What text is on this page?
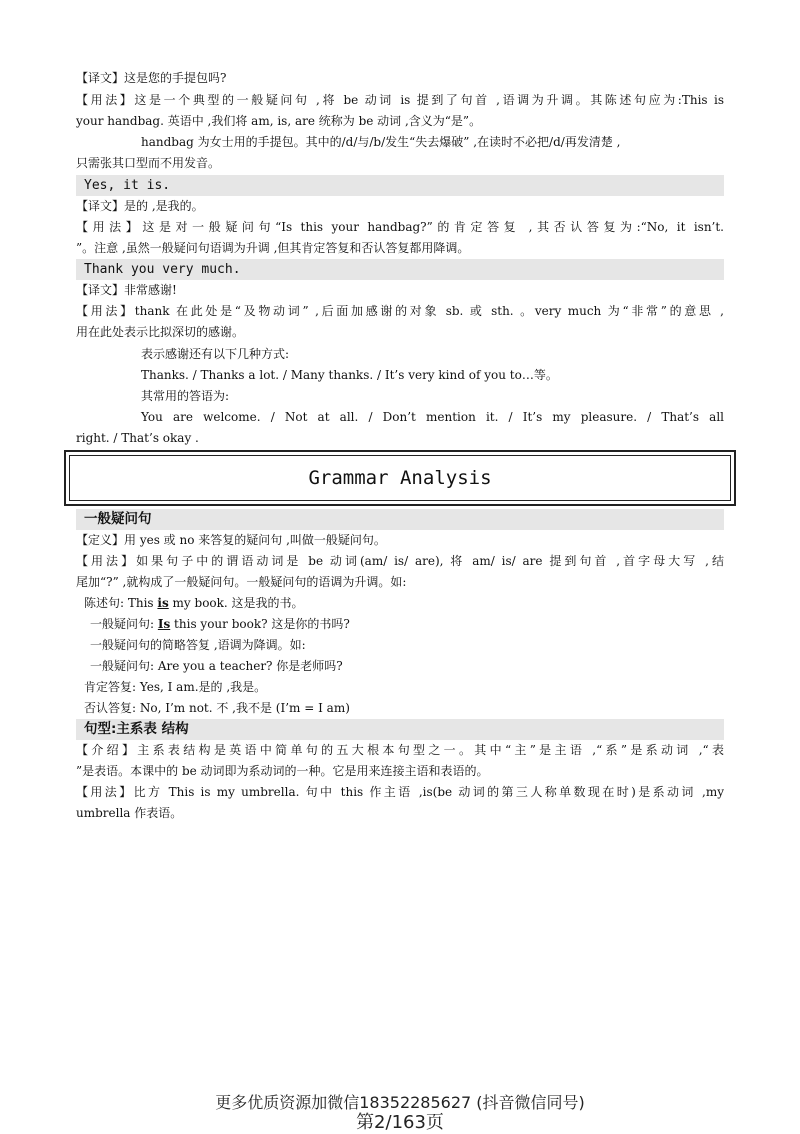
【译文】这是您的手提包吗?
【用法】这是一个典型的一般疑问句 ,将 be 动词 is 提到了句首 ,语调为升调。其陈述句应为:This is
your handbag. 英语中 ,我们将 am, is, are 统称为 be 动词 ,含义为“是”。
handbag 为女士用的手提包。其中的/d/与/b/发生“失去爆破” ,在读时不必把/d/再发清楚 ,
只需张其口型而不用发音。
Yes, it is.
【译文】是的 ,是我的。
【用法】这是对一般疑问句“Is this your handbag?”的肯定答复 ,其否认答复为:“No, it isn’t.
”。注意 ,虽然一般疑问句语调为升调 ,但其肯定答复和否认答复都用降调。
Thank you very much.
【译文】非常感谢!
【用法】thank 在此处是“及物动词” ,后面加感谢的对象 sb. 或 sth. 。very much 为“非常”的意思 ,
用在此处表示比拟深切的感谢。
表示感谢还有以下几种方式:
Thanks. / Thanks a lot. / Many thanks. / It’s very kind of you to…等。
其常用的答语为:
You are welcome. / Not at all. / Don’t mention it. / It’s my pleasure. / That’s all
right. / That’s okay .
Grammar Analysis
一般疑问句
【定义】用 yes 或 no 来答复的疑问句 ,叫做一般疑问句。
【用法】如果句子中的谓语动词是 be 动词(am/ is/ are), 将 am/ is/ are 提到句首 ,首字母大写 ,结
尾加“?” ,就构成了一般疑问句。一般疑问句的语调为升调。如:
陈述句: This is my book. 这是我的书。
一般疑问句: Is this your book? 这是你的书吗?
一般疑问句的简略答复 ,语调为降调。如:
一般疑问句: Are you a teacher? 你是老师吗?
肯定答复: Yes, I am.是的 ,我是。
否认答复: No, I’m not. 不 ,我不是 (I’m = I am)
句型:主系表 结构
【介绍】主系表结构是英语中简单句的五大根本句型之一。其中“主”是主语 ,“系”是系动词 ,“表
”是表语。本课中的 be 动词即为系动词的一种。它是用来连接主语和表语的。
【用法】比方 This is my umbrella. 句中 this 作主语 ,is(be 动词的第三人称单数现在时)是系动词 ,my
umbrella 作表语。
更多优质资源加微信18352285627 (抖音微信同号)
第2/163页
